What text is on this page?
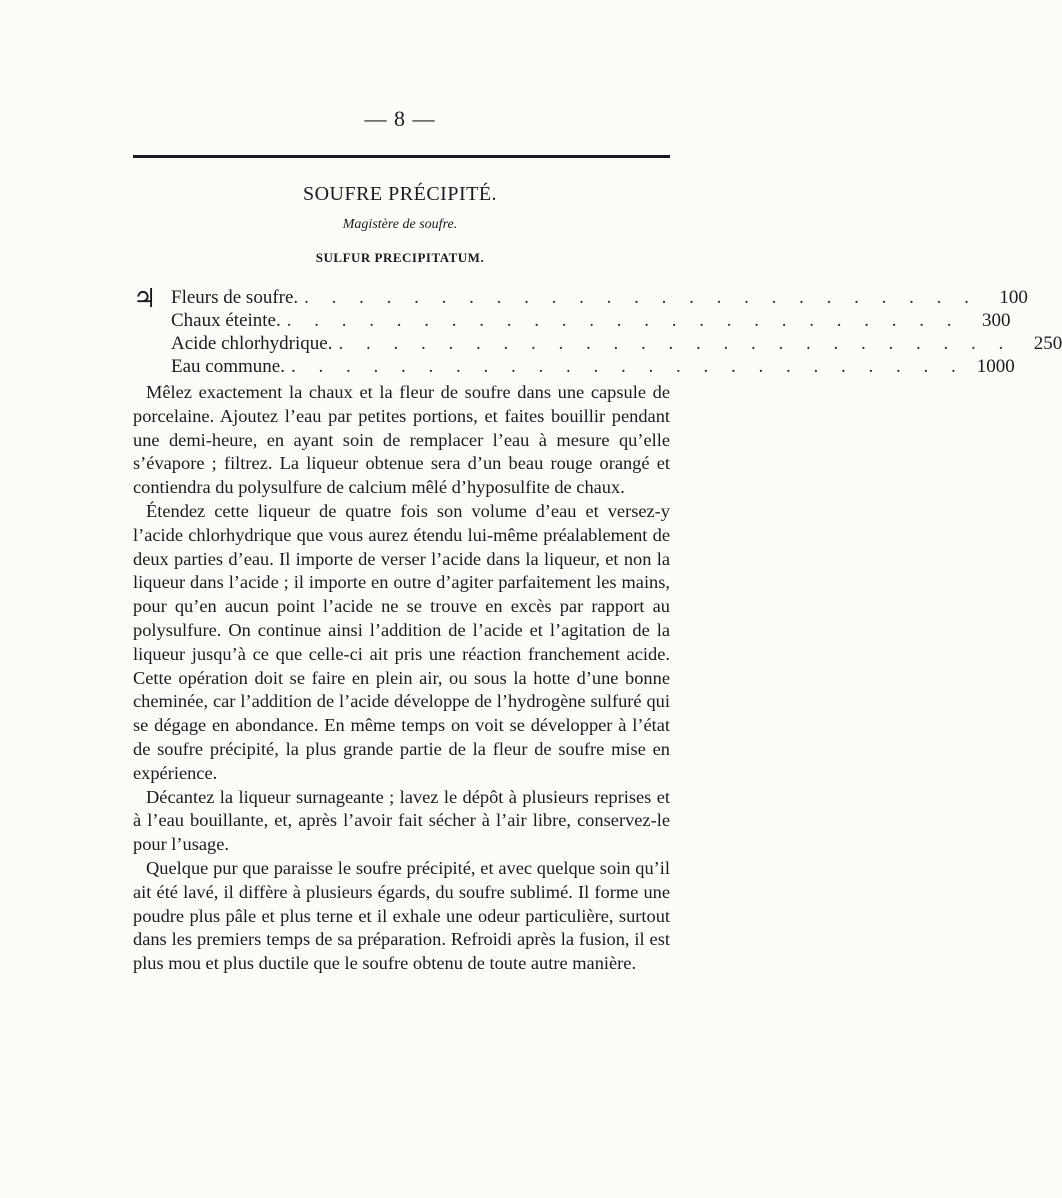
— 8 —
SOUFRE PRÉCIPITÉ.
Magistère de soufre.
SULFUR PRECIPITATUM.
♃ Fleurs de soufre. . . . . . . . . . . . . . . . . . . . . . . . . .	100
Chaux éteinte. . . . . . . . . . . . . . . . . . . . . . . . . .	300
Acide chlorhydrique. . . . . . . . . . . . . . . . . . . . . . . . . .	250
Eau commune. . . . . . . . . . . . . . . . . . . . . . . . . . 1000

Mêlez exactement la chaux et la fleur de soufre dans une capsule de porcelaine. Ajoutez l’eau par petites portions, et faites bouillir pendant une demi-heure, en ayant soin de remplacer l’eau à mesure qu’elle s’évapore ; filtrez. La liqueur obtenue sera d’un beau rouge orangé et contiendra du polysulfure de calcium mêlé d’hyposulfite de chaux.

Étendez cette liqueur de quatre fois son volume d’eau et versez-y l’acide chlorhydrique que vous aurez étendu lui-même préalablement de deux parties d’eau. Il importe de verser l’acide dans la liqueur, et non la liqueur dans l’acide ; il importe en outre d’agiter parfaitement les mains, pour qu’en aucun point l’acide ne se trouve en excès par rapport au polysulfure. On continue ainsi l’addition de l’acide et l’agitation de la liqueur jusqu’à ce que celle-ci ait pris une réaction franchement acide. Cette opération doit se faire en plein air, ou sous la hotte d’une bonne cheminée, car l’addition de l’acide développe de l’hydrogène sulfuré qui se dégage en abondance. En même temps on voit se développer à l’état de soufre précipité, la plus grande partie de la fleur de soufre mise en expérience.

Décantez la liqueur surnageante ; lavez le dépôt à plusieurs reprises et à l’eau bouillante, et, après l’avoir fait sécher à l’air libre, conservez-le pour l’usage.

Quelque pur que paraisse le soufre précipité, et avec quelque soin qu’il ait été lavé, il diffère à plusieurs égards, du soufre sublimé. Il forme une poudre plus pâle et plus terne et il exhale une odeur particulière, surtout dans les premiers temps de sa préparation. Refroidi après la fusion, il est plus mou et plus ductile que le soufre obtenu de toute autre manière.
